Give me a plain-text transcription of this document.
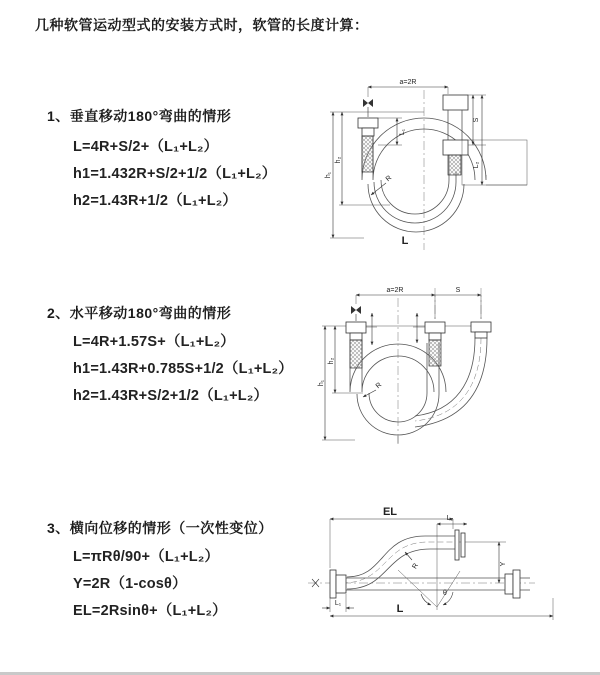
几种软管运动型式的安装方式时，软管的长度计算：
1、垂直移动180°弯曲的情形
L=4R+S/2+（L₁+L₂）
h1=1.432R+S/2+1/2（L₁+L₂）
h2=1.43R+1/2（L₁+L₂）
a=2R
S
L₂
h₁
h₂
L₁
R
L
2、水平移动180°弯曲的情形
L=4R+1.57S+（L₁+L₂）
h1=1.43R+0.785S+1/2（L₁+L₂）
h2=1.43R+S/2+1/2（L₁+L₂）
a=2R	S
h₁
h₂
R
3、横向位移的情形（一次性变位）
L=πRθ/90+（L₁+L₂）
Y=2R（1-cosθ）
EL=2Rsinθ+（L₁+L₂）
EL
L₂
Y
R
θ
L₁	L
